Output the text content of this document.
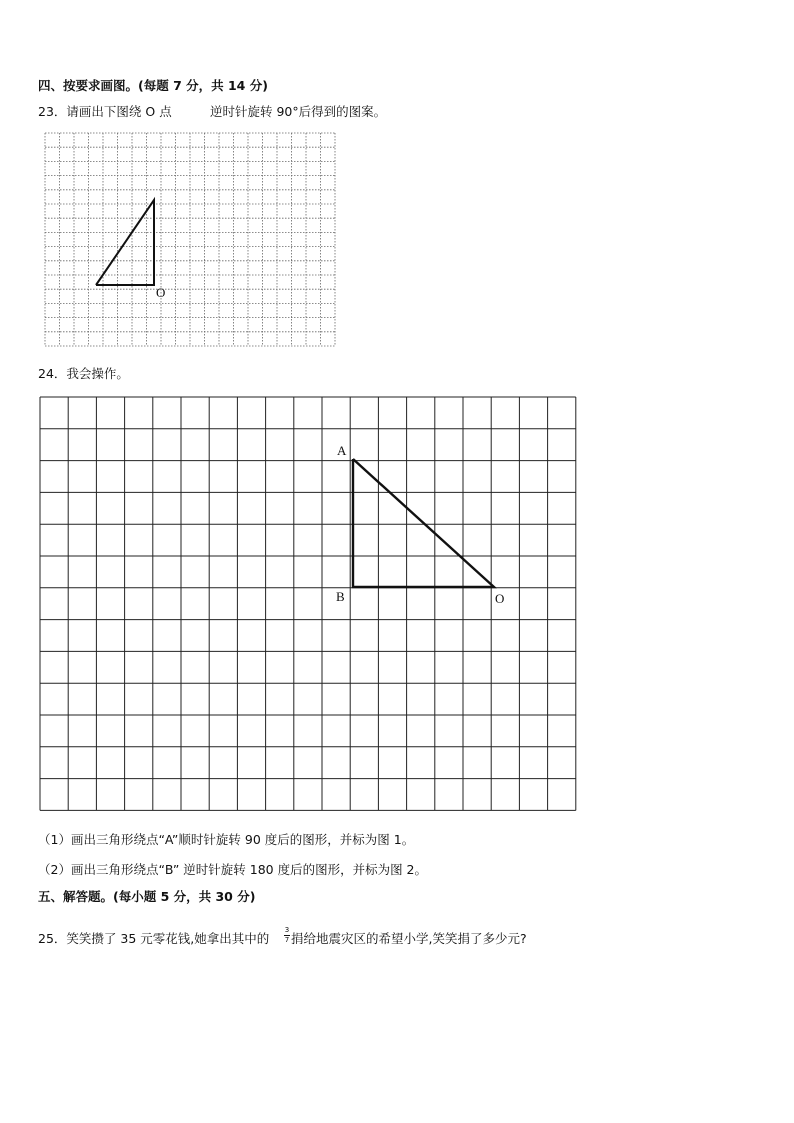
四、按要求画图。(每题 7 分，共 14 分)
23．请画出下图绕 O 点	逆时针旋转 90°后得到的图案。
O
24．我会操作。
A
B	O
（1）画出三角形绕点“A”顺时针旋转 90 度后的图形，并标为图 1。
（2）画出三角形绕点“B” 逆时针旋转 180 度后的图形，并标为图 2。
五、解答题。(每小题 5 分，共 30 分)
25．笑笑攒了 35 元零花钱,她拿出其中的
3
7 捐给地震灾区的希望小学,笑笑捐了多少元?
